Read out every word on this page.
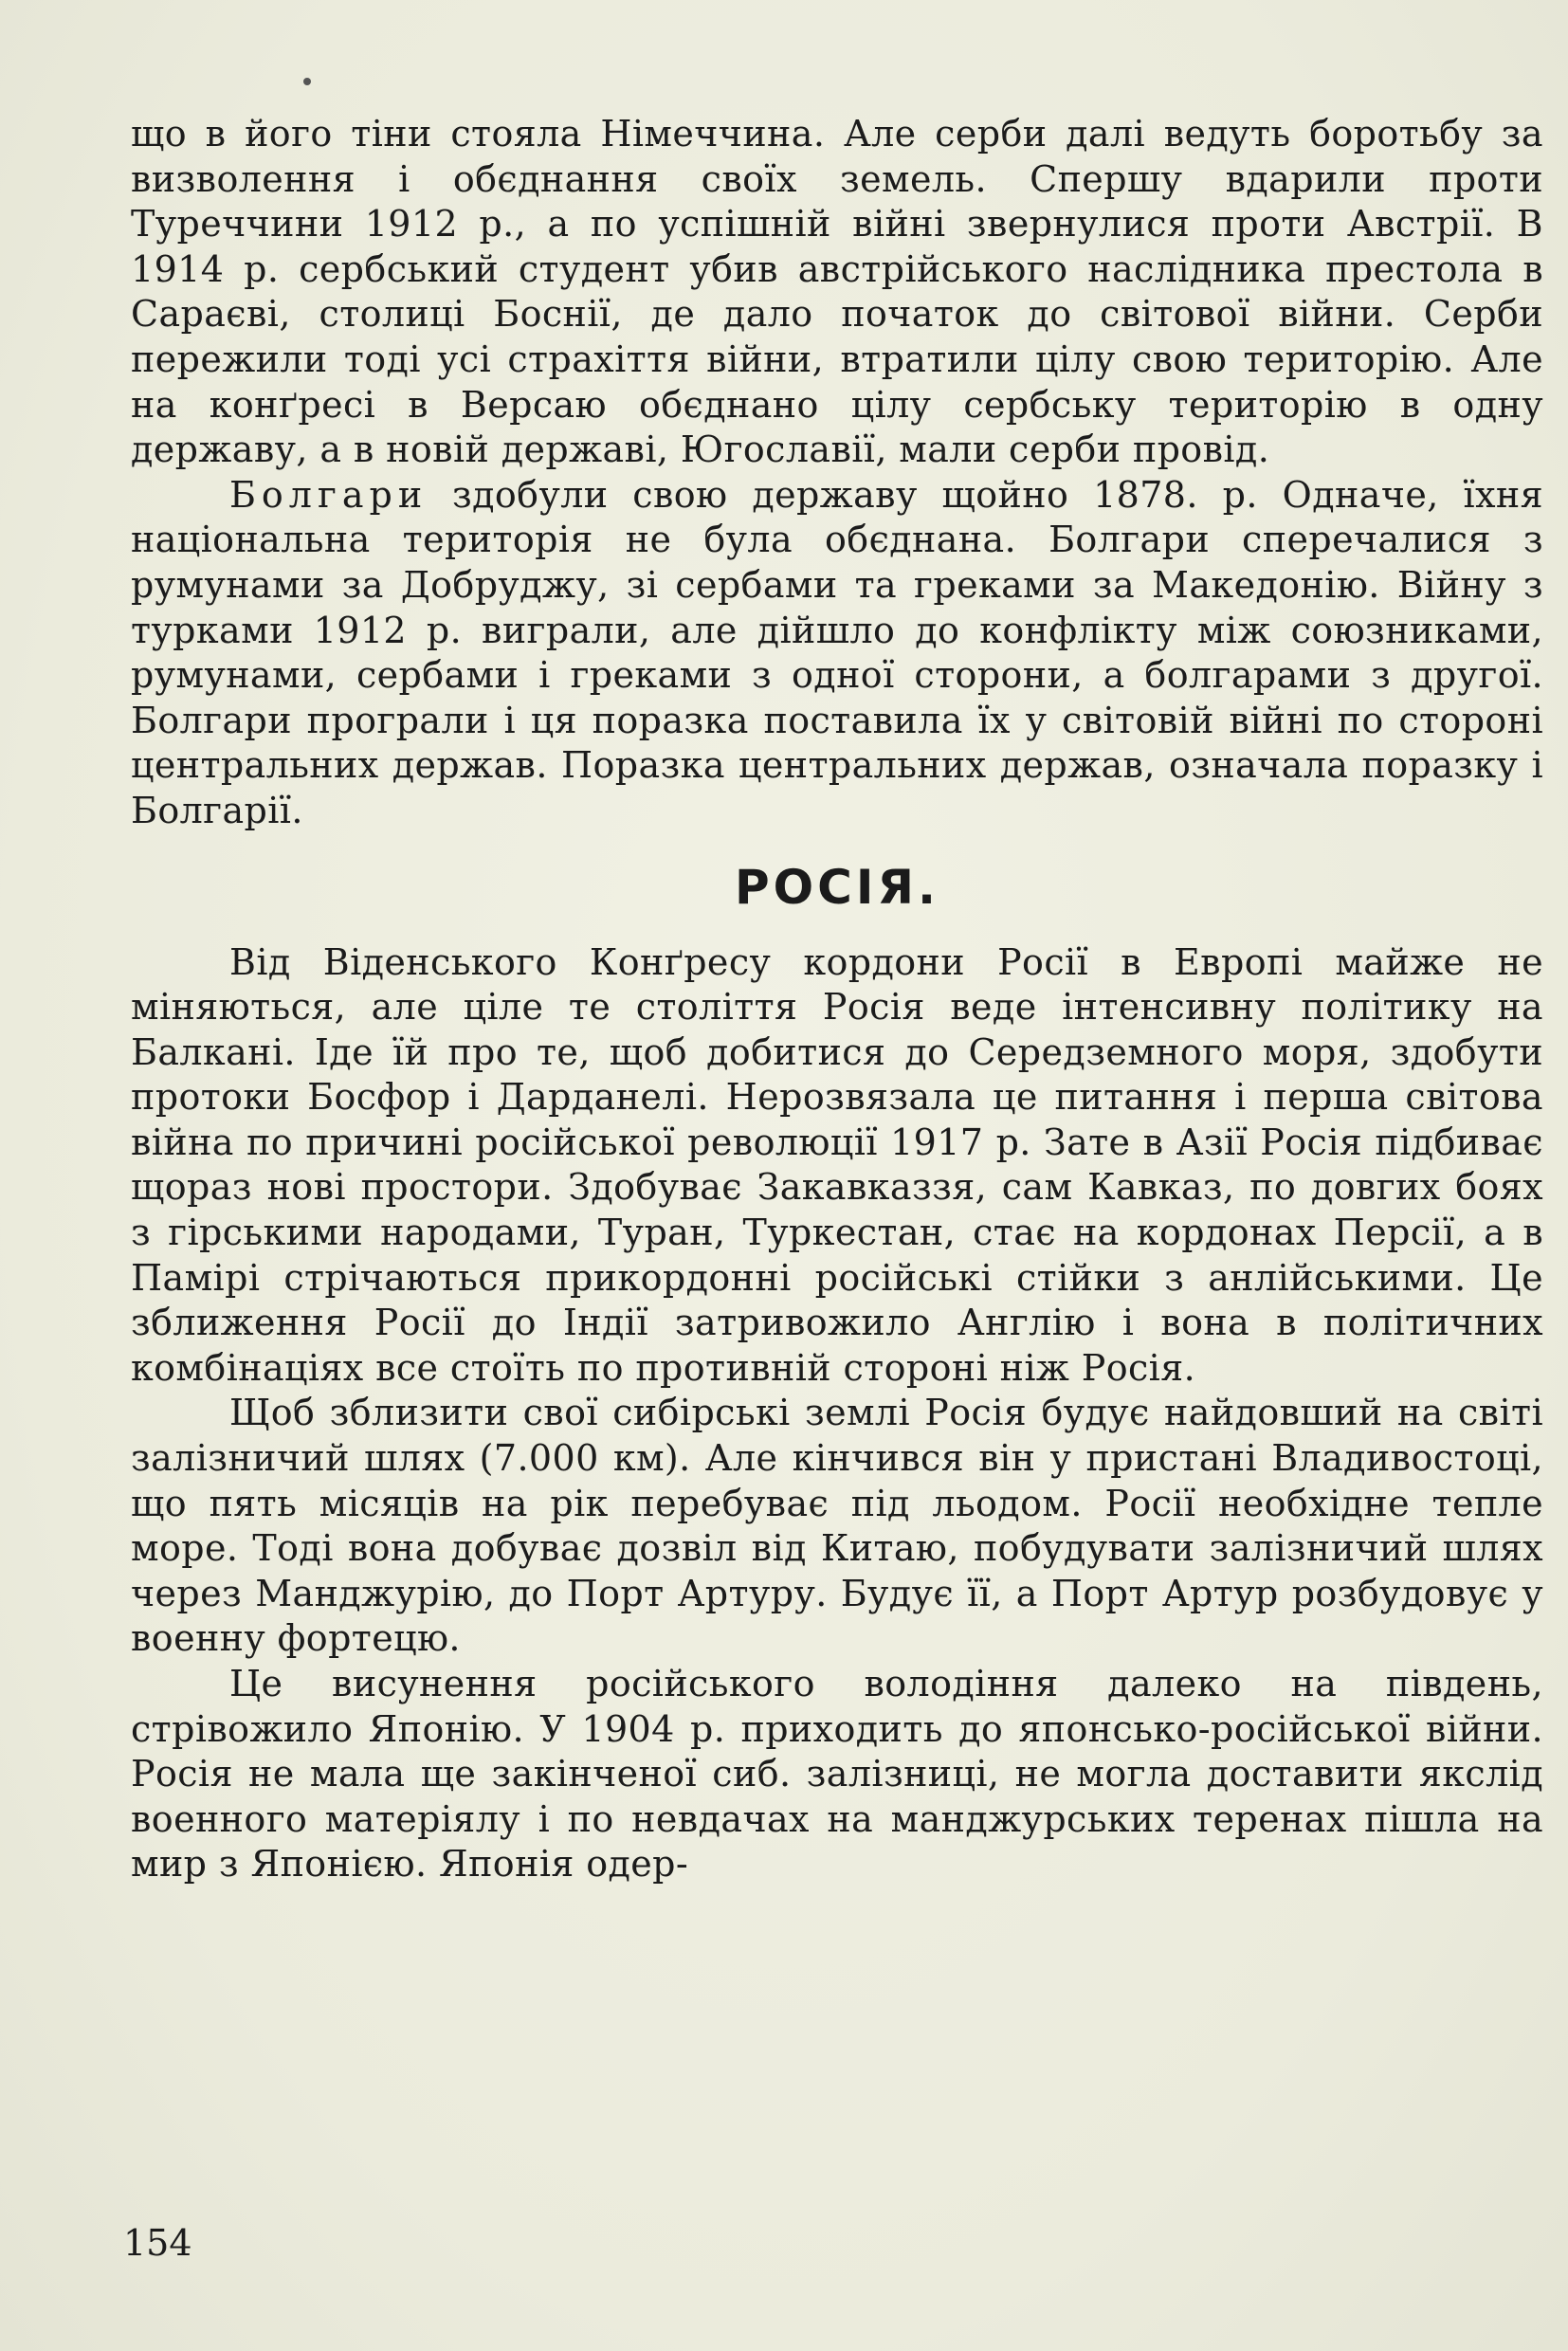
що в його тіни стояла Німеччина. Але серби далі ведуть боротьбу за визволення і обєднання своїх земель. Спершу вдарили проти Туреччини 1912 р., а по успішній війні звернулися проти Австрії. В 1914 р. сербський студент убив австрійського наслідника престола в Сараєві, столиці Боснії, де дало початок до світової війни. Серби пережили тоді усі страхіття війни, втратили цілу свою територію. Але на конґресі в Версаю обєднано цілу сербську територію в одну державу, а в новій державі, Югославії, мали серби провід.

Болгари здобули свою державу щойно 1878. р. Одначе, їхня національна територія не була обєднана. Болгари сперечалися з румунами за Добруджу, зі сербами та греками за Македонію. Війну з турками 1912 р. виграли, але дійшло до конфлікту між союзниками, румунами, сербами і греками з одної сторони, а болгарами з другої. Болгари програли і ця поразка поставила їх у світовій війні по стороні центральних держав. Поразка центральних держав, означала поразку і Болгарії.

РОСІЯ.

Від Віденського Конґресу кордони Росії в Европі майже не міняються, але ціле те століття Росія веде інтенсивну політику на Балкані. Іде їй про те, щоб добитися до Середземного моря, здобути протоки Босфор і Дарданелі. Нерозвязала це питання і перша світова війна по причині російської революції 1917 р. Зате в Азії Росія підбиває щораз нові простори. Здобуває Закавказзя, сам Кавказ, по довгих боях з гірськими народами, Туран, Туркестан, стає на кордонах Персії, а в Памірі стрічаються прикордонні російські стійки з анлійськими. Це зближення Росії до Індії затривожило Англію і вона в політичних комбінаціях все стоїть по противній стороні ніж Росія.

Щоб зблизити свої сибірські землі Росія будує найдовший на світі залізничий шлях (7.000 км). Але кінчився він у пристані Владивостоці, що пять місяців на рік перебуває під льодом. Росії необхідне тепле море. Тоді вона добуває дозвіл від Китаю, побудувати залізничий шлях через Манджурію, до Порт Артуру. Будує її, а Порт Артур розбудовує у военну фортецю.

Це висунення російського володіння далеко на південь, стрівожило Японію. У 1904 р. приходить до японсько-російської війни. Росія не мала ще закінченої сиб. залізниці, не могла доставити якслід военного матеріялу і по невдачах на манджурських теренах пішла на мир з Японією. Японія одер-

154
